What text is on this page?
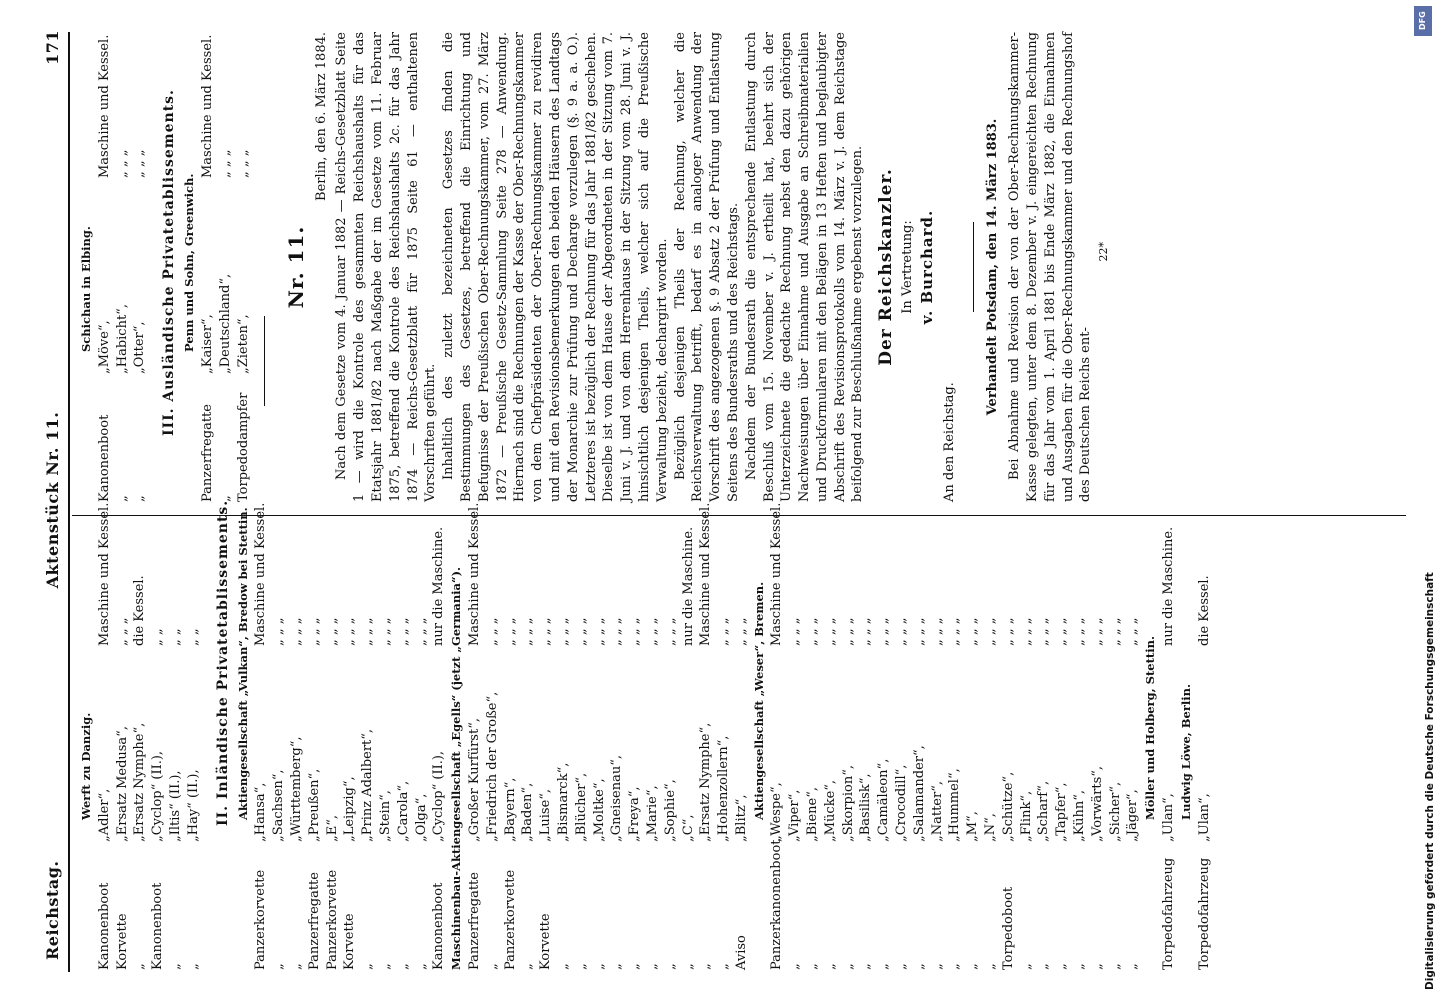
Reichstag.
Aktenstück Nr. 11.
171
Werft zu Danzig.
Kanonenboot
„Adler“,
Maschine und Kessel.
Korvette
„Ersatz Medusa“,
„ „ „
„
„Ersatz Nymphe“,
die Kessel.
Kanonenboot
„Cyclop“ (II.),
„ „
„
„Iltis“ (II.),
„ „
„
„Hay“ (II.),
„ „ II. Inländische Privatetablissements. Aktiengesellschaft „Vulkan“, Bredow bei Stettin.
Panzerkorvette
„Hansa“,
Maschine und Kessel.
„
„Sachsen“,
„ „ „
„
„Württemberg“,
„ „ „
Panzerfregatte
„Preußen“,
„ „ „
Panzerkorvette
„E“,
„ „ „
Korvette
„Leipzig“,
„ „ „
„
„Prinz Adalbert“,
„ „ „
„
„Stein“,
„ „ „
„
„Carola“,
„ „ „
„
„Olga“,
„ „ „
Kanonenboot
„Cyclop“ (II.),
nur die Maschine. Maschinenbau-Aktiengesellschaft „Egells“ (jetzt „Germania“). Panzerfregatte
„Großer Kurfürst“,
Maschine und Kessel.
„
„Friedrich der Große“,
„ „ „
Panzerkorvette
„Bayern“,
„ „ „
„
„Baden“,
„ „ „
Korvette
„Luise“,
„ „ „
„
„Bismarck“,
„ „ „
„
„Blücher“,
„ „ „
„
„Moltke“,
„ „ „
„
„Gneisenau“,
„ „ „
„
„Freya“,
„ „ „
„
„Marie“,
„ „ „
„
„Sophie“,
„ „ „
„
„C“,
nur die Maschine.
„
„Ersatz Nymphe“,
Maschine und Kessel.
„
„Hohenzollern“,
„ „ „
Aviso
„Blitz“,
„ „ „ Aktiengesellschaft „Weser“, Bremen.
Panzerkanonenboot
„Wespe“,
Maschine und Kessel.
„
„Viper“,
„ „ „
„
„Biene“,
„ „ „
„
„Mücke“,
„ „ „
„
„Skorpion“,
„ „ „
„
„Basilisk“,
„ „ „
„
„Camäleon“,
„ „ „
„
„Crocodill“,
„ „ „
„
„Salamander“,
„ „ „
„
„Natter“,
„ „ „
„
„Hummel“,
„ „ „
„
„M“,
„ „ „
„
„N“,
„ „ „
Torpedoboot
„Schütze“,
„ „ „
„
„Flink“,
„ „ „
„
„Scharf“,
„ „ „
„
„Tapfer“,
„ „ „
„
„Kühn“,
„ „ „
„
„Vorwärts“,
„ „ „
„
„Sicher“,
„ „ „
„
„Jäger“,
„ „ „
Möller und Holberg, Stettin.
Torpedofahrzeug
„Ulan“,
nur die Maschine.
Ludwig Löwe, Berlin.
Torpedofahrzeug
„Ulan“,
die Kessel.
Schichau in Elbing.
Kanonenboot
„Möve“,
Maschine und Kessel.
„
„Habicht“,
„ „ „
„
„Otter“,
„ „ „ III. Ausländische Privatetablissements. Penn und Sohn, Greenwich.
Panzerfregatte
„Kaiser“,
Maschine und Kessel.
„
„Deutschland“,
„ „ „
Torpedodampfer
„Zieten“,
„ „ „
Nr. 11.
Berlin, den 6. März 1884. Nach dem Gesetze vom 4. Januar 1882 — Reichs-Gesetzblatt Seite 1 — wird die Kontrole des gesammten Reichshaushalts für das Etatsjahr 1881/82 nach Maßgabe der im Gesetze vom 11. Februar 1875, betreffend die Kontrole des Reichshaushalts 2c. für das Jahr 1874 — Reichs-Gesetzblatt für 1875 Seite 61 — enthaltenen Vorschriften geführt. Inhaltlich des zuletzt bezeichneten Gesetzes finden die Bestimmungen des Gesetzes, betreffend die Einrichtung und Befugnisse der Preußischen Ober-Rechnungskammer, vom 27. März 1872 — Preußische Gesetz-Sammlung Seite 278 — Anwendung. Hiernach sind die Rechnungen der Kasse der Ober-Rechnungskammer von dem Chefpräsidenten der Ober-Rechnungskammer zu revidiren und mit den Revisionsbemerkungen den beiden Häusern des Landtags der Monarchie zur Prüfung und Decharge vorzulegen (§. 9 a. a. O.). Letzteres ist bezüglich der Rechnung für das Jahr 1881/82 geschehen. Dieselbe ist von dem Hause der Abgeordneten in der Sitzung vom 7. Juni v. J. und von dem Herrenhause in der Sitzung vom 28. Juni v. J. hinsichtlich desjenigen Theils, welcher sich auf die Preußische Verwaltung bezieht, dechargirt worden. Bezüglich desjenigen Theils der Rechnung, welcher die Reichsverwaltung betrifft, bedarf es in analoger Anwendung der Vorschrift des angezogenen §. 9 Absatz 2 der Prüfung und Entlastung Seitens des Bundesraths und des Reichstags. Nachdem der Bundesrath die entsprechende Entlastung durch Beschluß vom 15. November v. J. ertheilt hat, beehrt sich der Unterzeichnete die gedachte Rechnung nebst den dazu gehörigen Nachweisungen über Einnahme und Ausgabe an Schreibmaterialien und Druckformularen mit den Belägen in 13 Heften und beglaubigter Abschrift des Revisionsprotokolls vom 14. März v. J. dem Reichstage beifolgend zur Beschlußnahme ergebenst vorzulegen. Der Reichskanzler. In Vertretung: v. Burchard.
An den Reichstag.
Verhandelt Potsdam, den 14. März 1883. Bei Abnahme und Revision der von der Ober-Rechnungskammer-Kasse gelegten, unter dem 8. Dezember v. J. eingereichten Rechnung für das Jahr vom 1. April 1881 bis Ende März 1882, die Einnahmen und Ausgaben für die Ober-Rechnungskammer und den Rechnungshof des Deutschen Reichs ent-

22*
Digitalisierung gefördert durch die Deutsche Forschungsgemeinschaft
DFG
